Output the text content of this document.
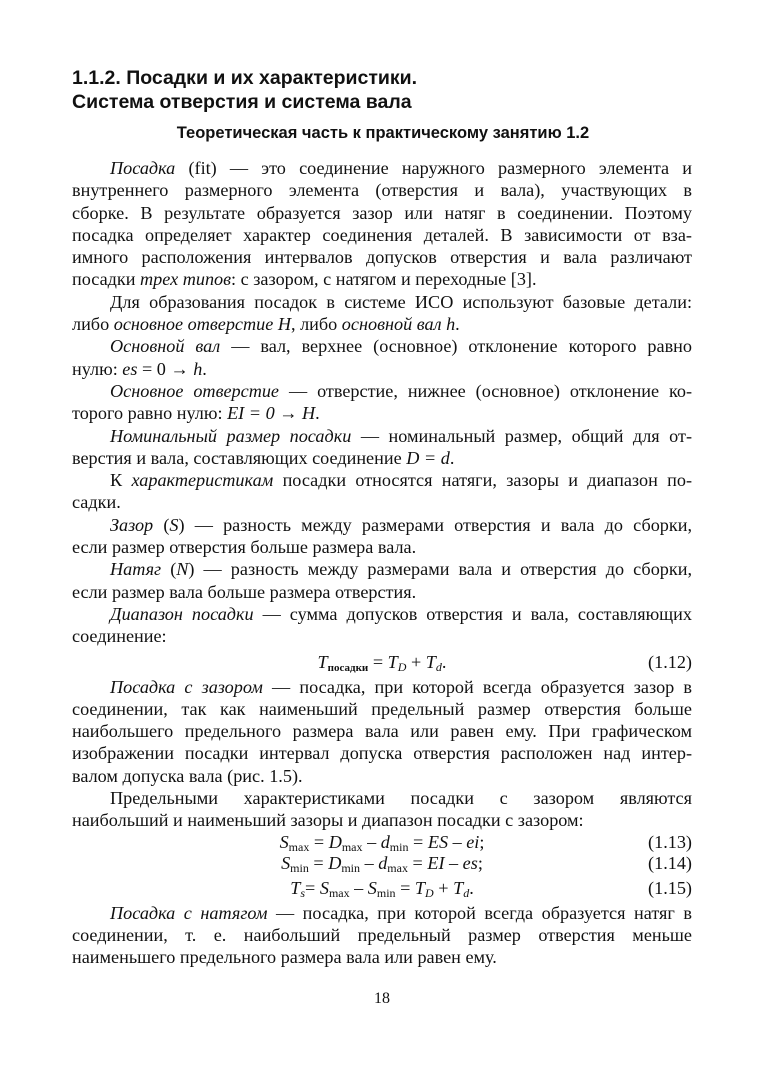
1.1.2. Посадки и их характеристики.
Система отверстия и система вала
Теоретическая часть к практическому занятию 1.2
Посадка (fit) — это соединение наружного размерного элемента и
внутреннего размерного элемента (отверстия и вала), участвующих в
сборке. В результате образуется зазор или натяг в соединении. Поэтому
посадка определяет характер соединения деталей. В зависимости от вза-
имного расположения интервалов допусков отверстия и вала различают
посадки трех типов: с зазором, с натягом и переходные [3].
Для образования посадок в системе ИСО используют базовые детали:
либо основное отверстие H, либо основной вал h.
Основной вал — вал, верхнее (основное) отклонение которого равно
нулю: es = 0 → h.
Основное отверстие — отверстие, нижнее (основное) отклонение ко-
торого равно нулю: EI = 0 → H.
Номинальный размер посадки — номинальный размер, общий для от-
верстия и вала, составляющих соединение D = d.
К характеристикам посадки относятся натяги, зазоры и диапазон по-
садки.
Зазор (S) — разность между размерами отверстия и вала до сборки,
если размер отверстия больше размера вала.
Натяг (N) — разность между размерами вала и отверстия до сборки,
если размер вала больше размера отверстия.
Диапазон посадки — сумма допусков отверстия и вала, составляющих
соединение:
Tпосадки = $T_D + T_d$.	(1.12)
Посадка с зазором — посадка, при которой всегда образуется зазор в
соединении, так как наименьший предельный размер отверстия больше
наибольшего предельного размера вала или равен ему. При графическом
изображении посадки интервал допуска отверстия расположен над интер-
валом допуска вала (рис. 1.5).
Предельными характеристиками посадки с зазором являются
наибольший и наименьший зазоры и диапазон посадки с зазором:
$S_{max} = D_{max} - d_{min}$ = ES – ei;	(1.13)
$S_{min} = D_{min} - d_{max}$ = EI – es;	(1.14)
$T_s= S_{max} - S_{min} = T_D + T_d$.	(1.15)
Посадка с натягом — посадка, при которой всегда образуется натяг в
соединении, т. е. наибольший предельный размер отверстия меньше
наименьшего предельного размера вала или равен ему.
18
